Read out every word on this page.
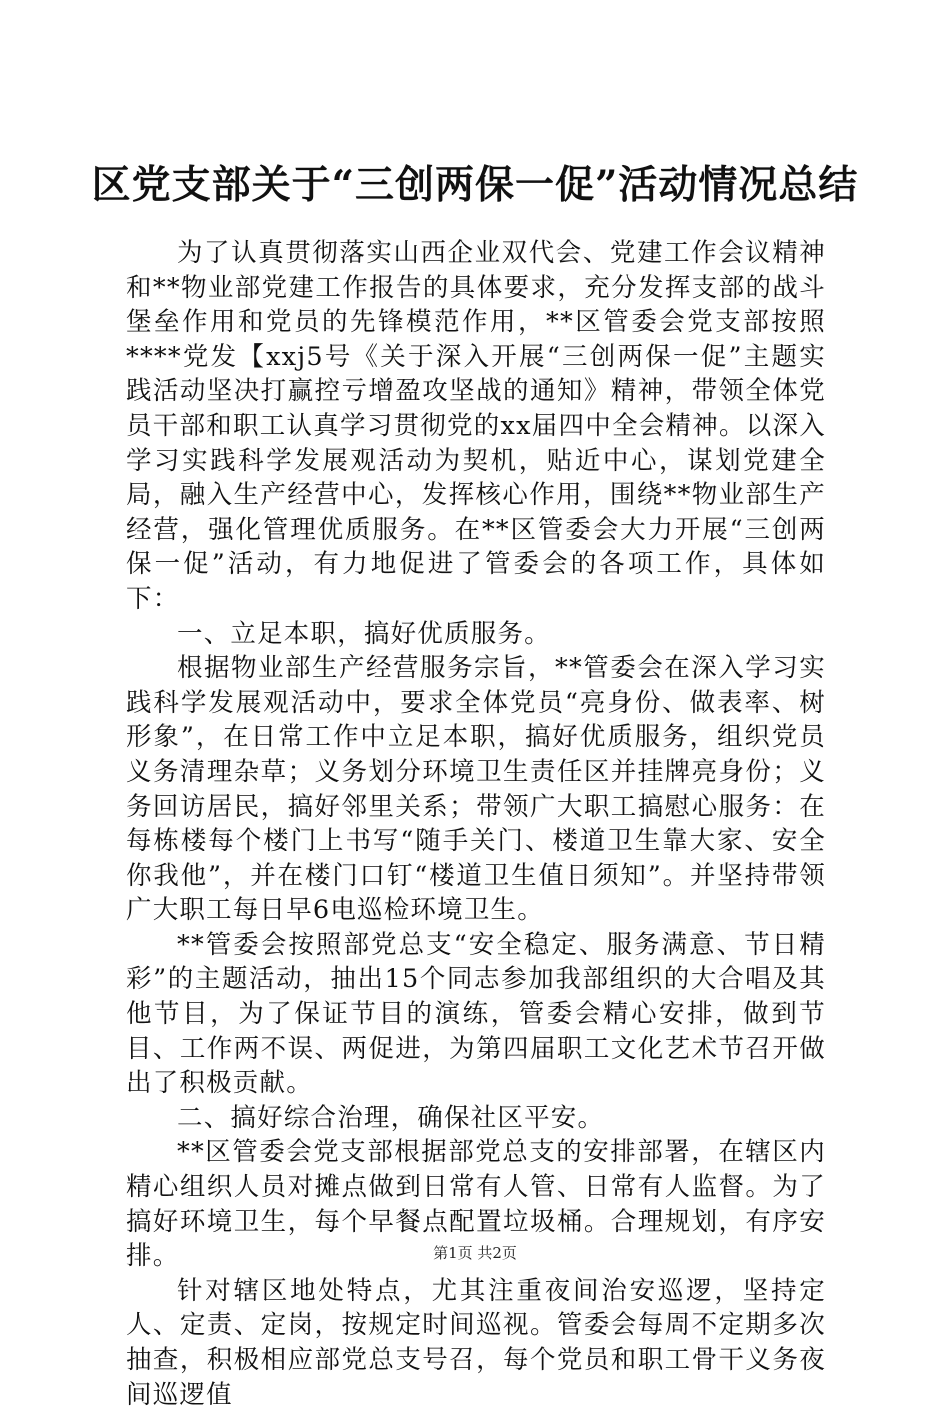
区党支部关于“三创两保一促”活动情况总结

为了认真贯彻落实山西企业双代会、党建工作会议精神和**物业部党建工作报告的具体要求，充分发挥支部的战斗堡垒作用和党员的先锋模范作用，**区管委会党支部按照****党发【xxj5号《关于深入开展“三创两保一促”主题实践活动坚决打赢控亏增盈攻坚战的通知》精神，带领全体党员干部和职工认真学习贯彻党的xx届四中全会精神。以深入学习实践科学发展观活动为契机，贴近中心，谋划党建全局，融入生产经营中心，发挥核心作用，围绕**物业部生产经营，强化管理优质服务。在**区管委会大力开展“三创两保一促”活动，有力地促进了管委会的各项工作，具体如下：

一、立足本职，搞好优质服务。

根据物业部生产经营服务宗旨，**管委会在深入学习实践科学发展观活动中，要求全体党员“亮身份、做表率、树形象”，在日常工作中立足本职，搞好优质服务，组织党员义务清理杂草；义务划分环境卫生责任区并挂牌亮身份；义务回访居民，搞好邻里关系；带领广大职工搞慰心服务：在每栋楼每个楼门上书写“随手关门、楼道卫生靠大家、安全你我他”，并在楼门口钉“楼道卫生值日须知”。并坚持带领广大职工每日早6电巡检环境卫生。

**管委会按照部党总支“安全稳定、服务满意、节日精彩”的主题活动，抽出15个同志参加我部组织的大合唱及其他节目，为了保证节目的演练，管委会精心安排，做到节目、工作两不误、两促进，为第四届职工文化艺术节召开做出了积极贡献。

二、搞好综合治理，确保社区平安。

**区管委会党支部根据部党总支的安排部署，在辖区内精心组织人员对摊点做到日常有人管、日常有人监督。为了搞好环境卫生，每个早餐点配置垃圾桶。合理规划，有序安排。

针对辖区地处特点，尤其注重夜间治安巡逻，坚持定人、定责、定岗，按规定时间巡视。管委会每周不定期多次抽查，积极相应部党总支号召，每个党员和职工骨干义务夜间巡逻值

第1页 共2页
